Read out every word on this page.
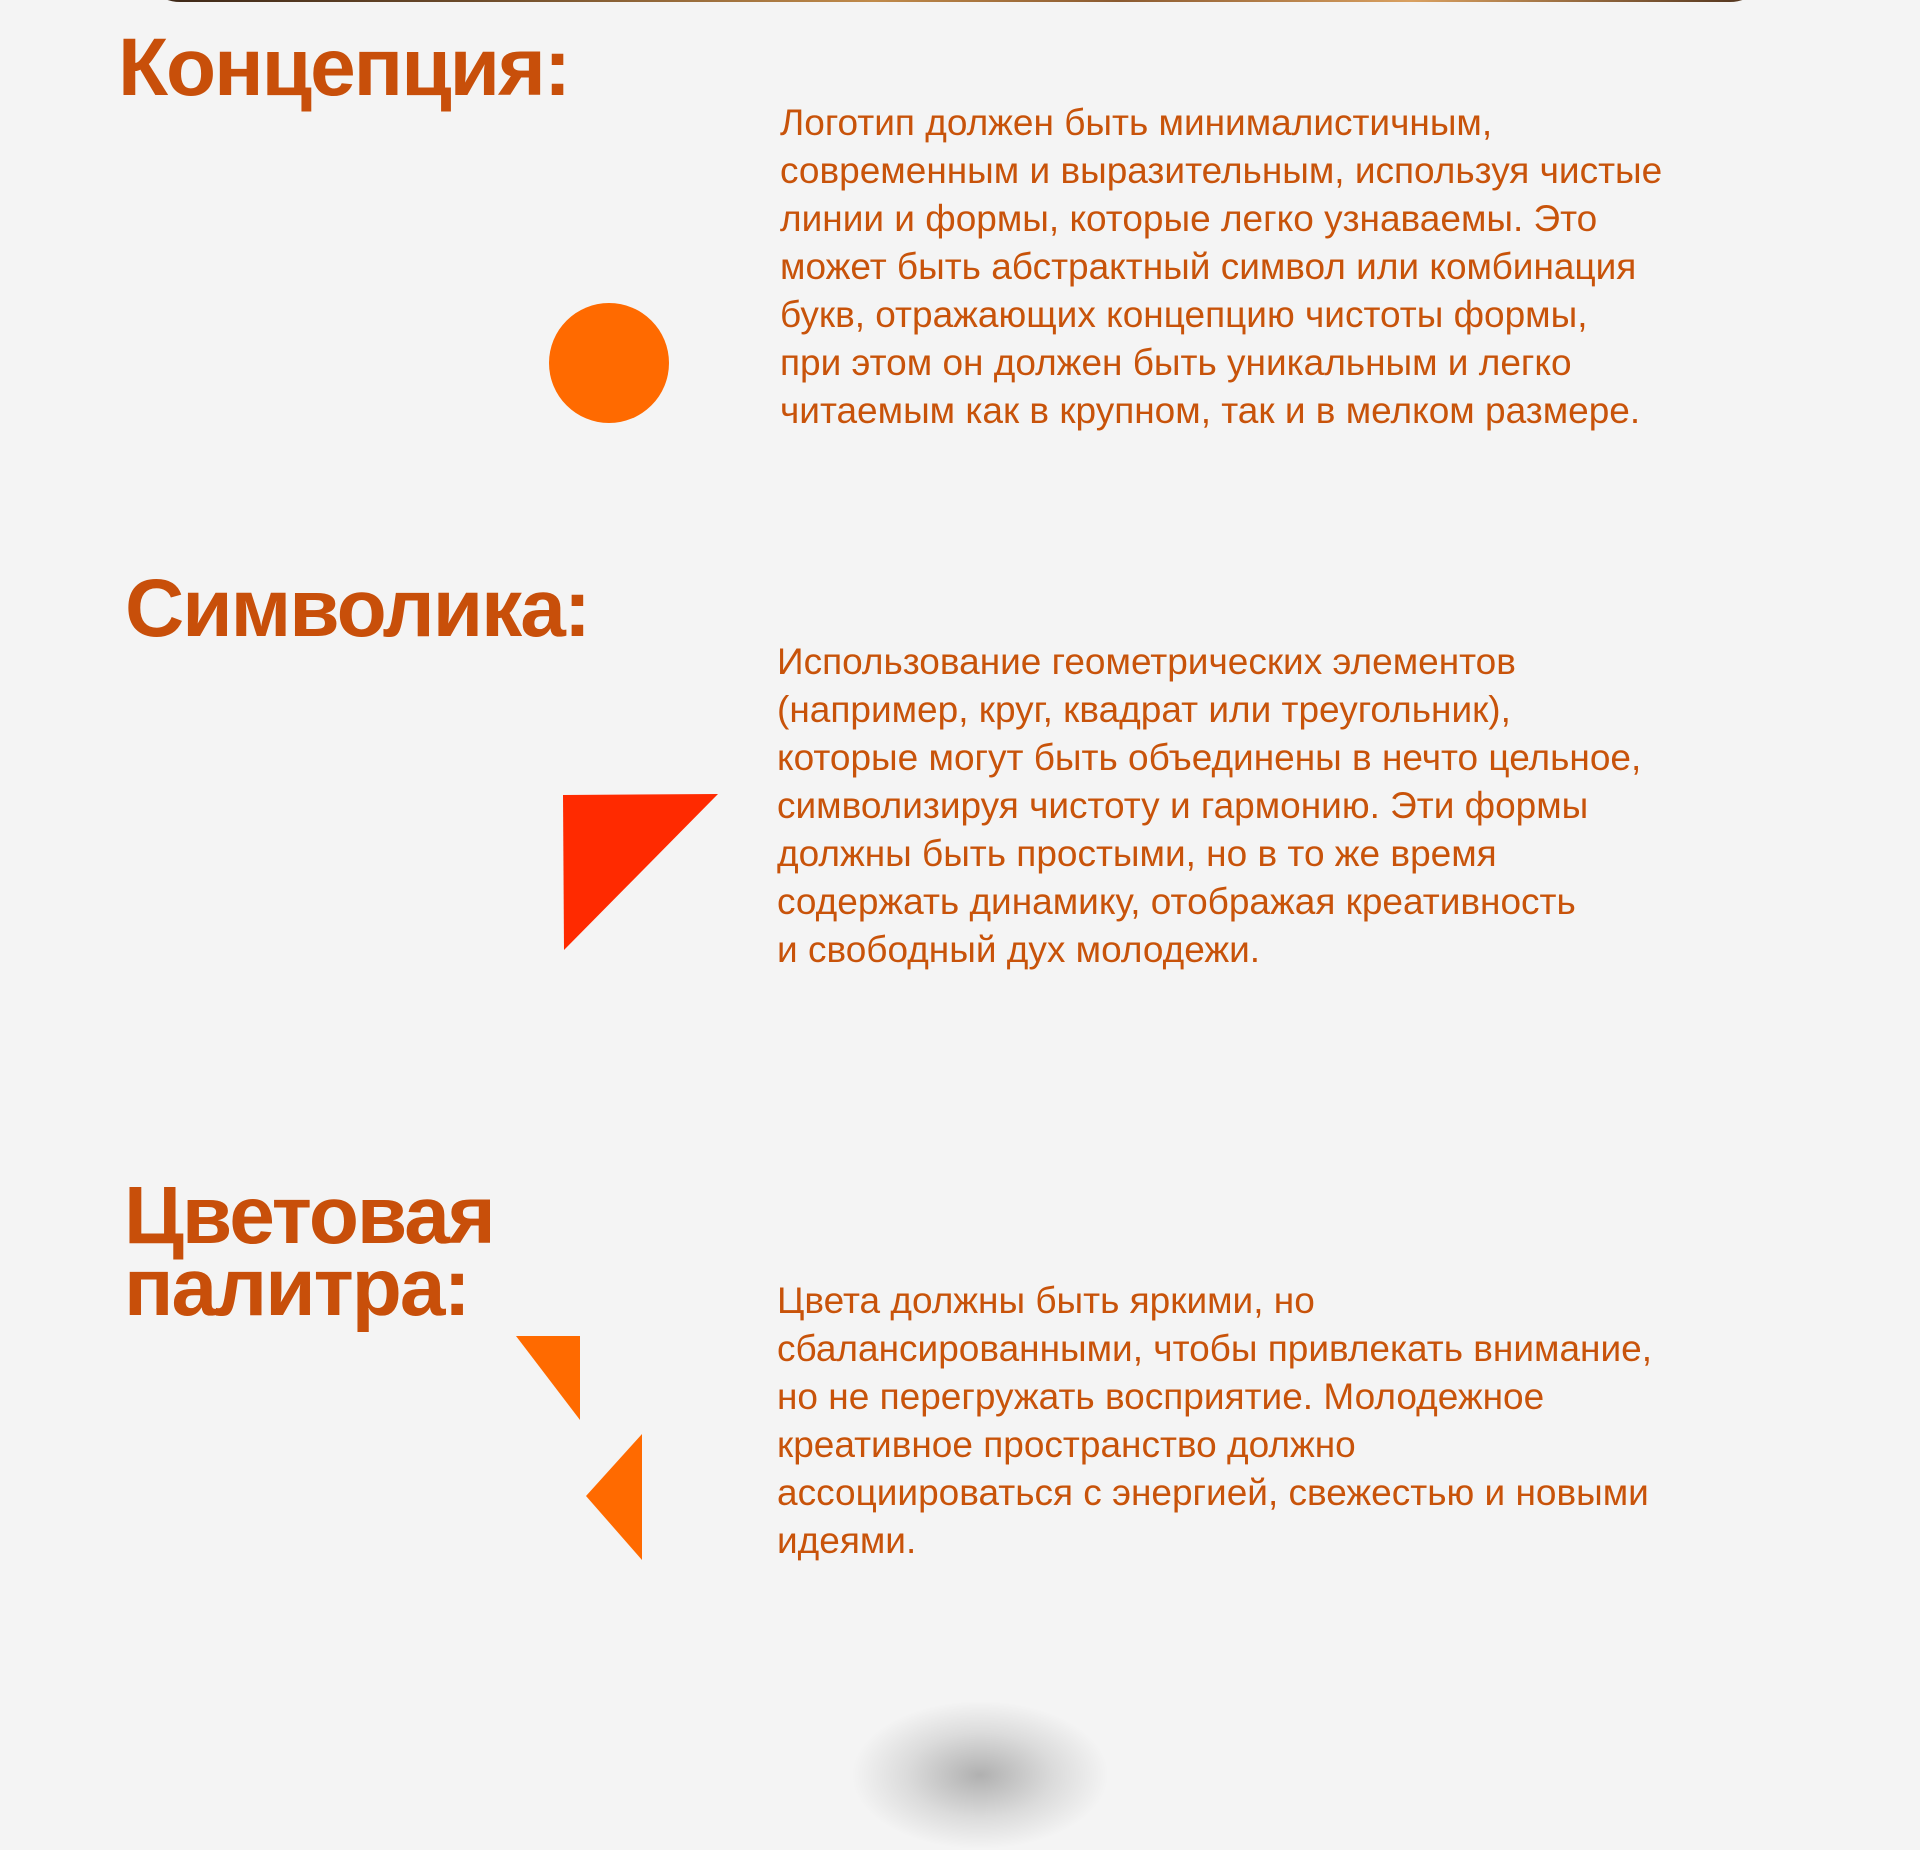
Концепция:

Логотип должен быть минималистичным,
современным и выразительным, используя чистые
линии и формы, которые легко узнаваемы. Это
может быть абстрактный символ или комбинация
букв, отражающих концепцию чистоты формы,
при этом он должен быть уникальным и легко
читаемым как в крупном, так и в мелком размере.

Символика:

Использование геометрических элементов
(например, круг, квадрат или треугольник),
которые могут быть объединены в нечто цельное,
символизируя чистоту и гармонию. Эти формы
должны быть простыми, но в то же время
содержать динамику, отображая креативность
и свободный дух молодежи.

Цветовая
палитра:	Цвета должны быть яркими, но
сбалансированными, чтобы привлекать внимание,
но не перегружать восприятие. Молодежное
креативное пространство должно
ассоциироваться с энергией, свежестью и новыми
идеями.
